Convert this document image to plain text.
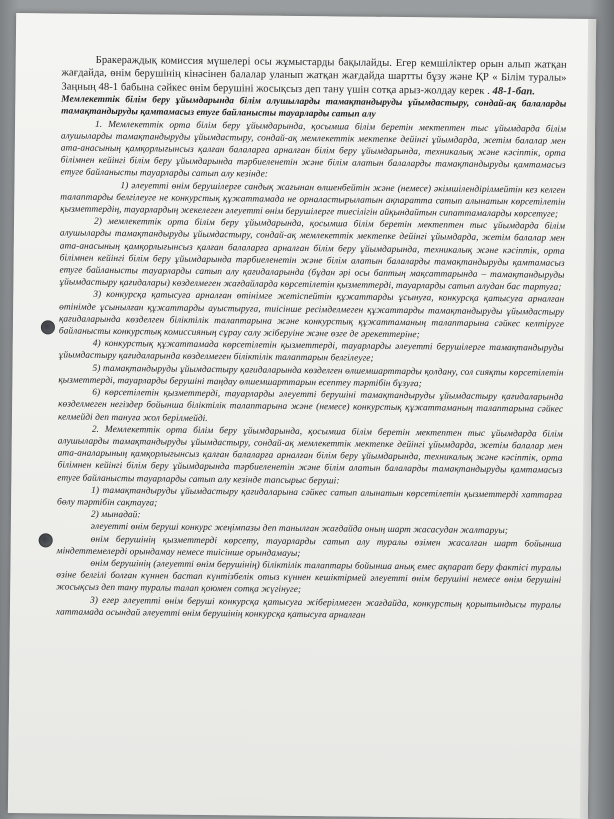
Бракераждық комиссия мүшелері осы жұмыстарды бақылайды. Егер кемшіліктер орын алып жатқан жағдайда, өнім берушінің кінәсінен балалар уланып жатқан жағдайда шартты бұзу және ҚР « Білім туралы» Заңның 48-1 бабына сәйкес өнім берушіні жосықсыз деп тану үшін сотқа арыз-жолдау керек . 48-1-бап.

Мемлекеттік білім беру ұйымдарында білім алушыларды тамақтандыруды ұйымдастыру, сондай-ақ балаларды тамақтандыруды қамтамасыз етуге байланысты тауарларды сатып алу

1. Мемлекеттік орта білім беру ұйымдарында, қосымша білім беретін мектептен тыс ұйымдарда білім алушыларды тамақтандыруды ұйымдастыру, сондай-ақ мемлекеттік мектепке дейінгі ұйымдарда, жетім балалар мен ата-анасының қамқорлығынсыз қалған балаларға арналған білім беру ұйымдарында, техникалық және кәсіптік, орта білімнен кейінгі білім беру ұйымдарында тәрбиеленетін және білім алатын балаларды тамақтандыруды қамтамасыз етуге байланысты тауарларды сатып алу кезінде:

1) әлеуетті өнім берушілерге сандық жағынан өлшенбейтін және (немесе) әкімшілендірілмейтін кез келген талаптарды белгілеуге не конкурстық құжаттамада не орналастырылатын ақпаратта сатып алынатын көрсетілетін қызметтердің, тауарлардың жекелеген әлеуетті өнім берушілерге тиесілігін айқындайтын сипаттамаларды көрсетуге;

2) мемлекеттік орта білім беру ұйымдарында, қосымша білім беретін мектептен тыс ұйымдарда білім алушыларды тамақтандыруды ұйымдастыру, сондай-ақ мемлекеттік мектепке дейінгі ұйымдарда, жетім балалар мен ата-анасының қамқорлығынсыз қалған балаларға арналған білім беру ұйымдарында, техникалық және кәсіптік, орта білімнен кейінгі білім беру ұйымдарында тәрбиеленетін және білім алатын балаларды тамақтандыруды қамтамасыз етуге байланысты тауарларды сатып алу қағидаларында (бұдан әрі осы баптың мақсаттарында – тамақтандыруды ұйымдастыру қағидалары) көзделмеген жағдайларда көрсетілетін қызметтерді, тауарларды сатып алудан бас тартуға;

3) конкурсқа қатысуға арналған өтінімге жетіспейтін құжаттарды ұсынуға, конкурсқа қатысуға арналған өтінімде ұсынылған құжаттарды ауыстыруға, тиісінше ресімделмеген құжаттарды тамақтандыруды ұйымдастыру қағидаларында көзделген біліктілік талаптарына және конкурстық құжаттаманың талаптарына сәйкес келтіруге байланысты конкурстық комиссияның сұрау салу жіберуіне және өзге де әрекеттеріне;

4) конкурстық құжаттамада көрсетілетін қызметтерді, тауарларды әлеуетті берушілерге тамақтандыруды ұйымдастыру қағидаларында көзделмеген біліктілік талаптарын белгілеуге;

5) тамақтандыруды ұйымдастыру қағидаларында көзделген өлшемшарттарды қолдану, сол сияқты көрсетілетін қызметтерді, тауарларды берушіні таңдау өлшемшарттарын есептеу тәртібін бұзуға;

6) көрсетілетін қызметтерді, тауарларды әлеуетті берушіні тамақтандыруды ұйымдастыру қағидаларында көзделмеген негіздер бойынша біліктілік талаптарына және (немесе) конкурстық құжаттаманың талаптарына сәйкес келмейді деп тануға жол берілмейді.

2. Мемлекеттік орта білім беру ұйымдарында, қосымша білім беретін мектептен тыс ұйымдарда білім алушыларды тамақтандыруды ұйымдастыру, сондай-ақ мемлекеттік мектепке дейінгі ұйымдарда, жетім балалар мен ата-аналарының қамқорлығынсыз қалған балаларға арналған білім беру ұйымдарында, техникалық және кәсіптік, орта білімнен кейінгі білім беру ұйымдарында тәрбиеленетін және білім алатын балаларды тамақтандыруды қамтамасыз етуге байланысты тауарларды сатып алу кезінде тапсырыс беруші:

1) тамақтандыруды ұйымдастыру қағидаларына сәйкес сатып алынатын көрсетілетін қызметтерді хаттарға бөлу тәртібін сақтауға;

2) мынадай:

әлеуетті өнім беруші конкурс жеңімпазы деп танылған жағдайда оның шарт жасасудан жалтаруы;

өнім берушінің қызметтерді көрсету, тауарларды сатып алу туралы өзімен жасалған шарт бойынша міндеттемелерді орындамау немесе тиісінше орындамауы;

өнім берушінің (әлеуетті өнім берушінің) біліктілік талаптары бойынша анық емес ақпарат беру фактісі туралы өзіне белгілі болған күннен бастап күнтізбелік отыз күннен кешіктірмей әлеуетті өнім берушіні немесе өнім берушіні жосықсыз деп тану туралы талап қоюмен сотқа жүгінуге;

3) егер әлеуетті өнім беруші конкурсқа қатысуға жіберілмеген жағдайда, конкурстың қорытындысы туралы хаттамада осындай әлеуетті өнім берушінің конкурсқа қатысуға арналған
